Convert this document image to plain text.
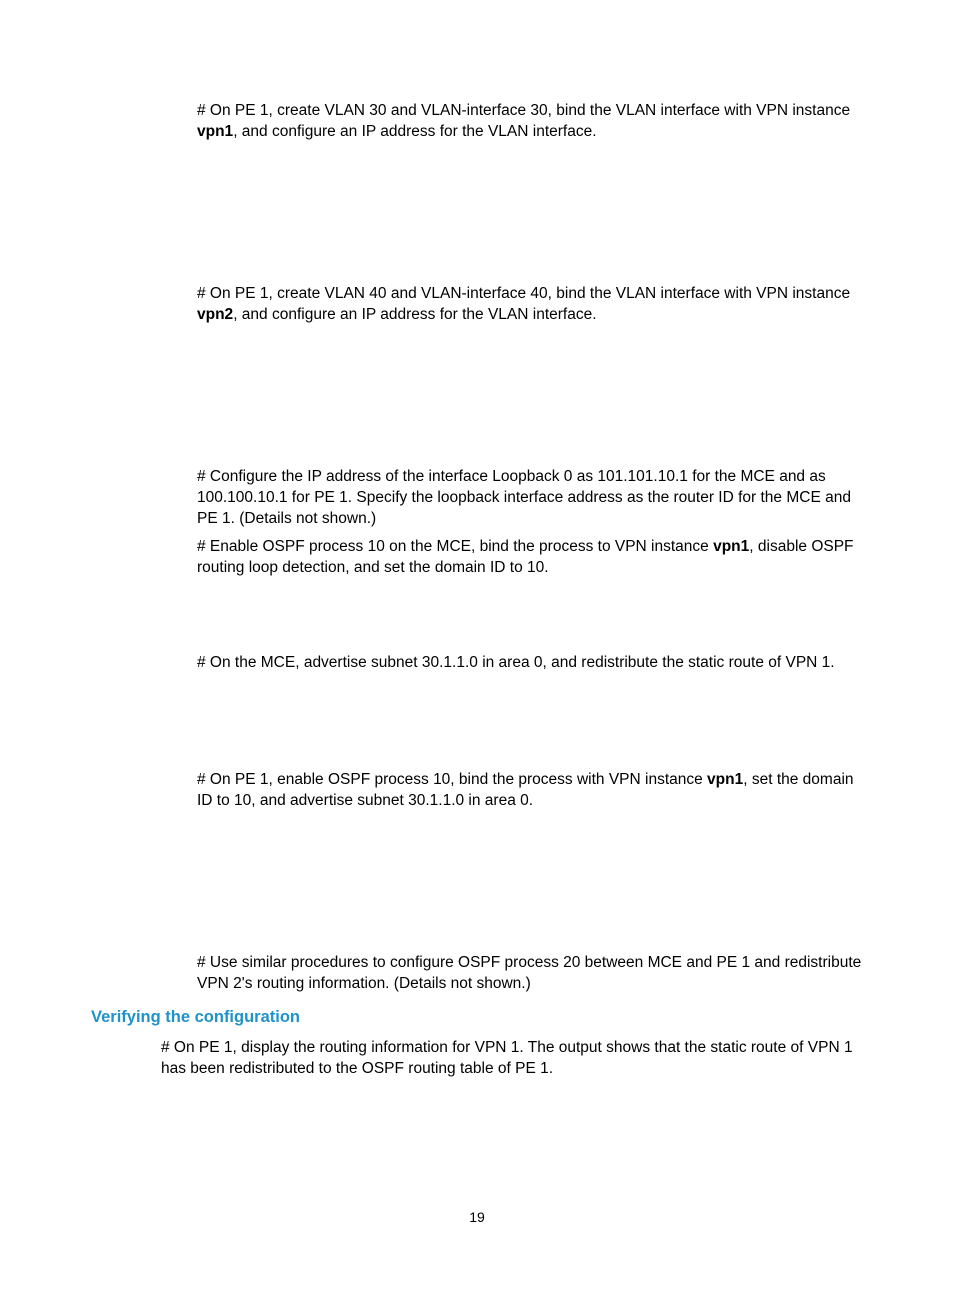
# On PE 1, create VLAN 30 and VLAN-interface 30, bind the VLAN interface with VPN instance vpn1, and configure an IP address for the VLAN interface.

# On PE 1, create VLAN 40 and VLAN-interface 40, bind the VLAN interface with VPN instance vpn2, and configure an IP address for the VLAN interface.

# Configure the IP address of the interface Loopback 0 as 101.101.10.1 for the MCE and as 100.100.10.1 for PE 1. Specify the loopback interface address as the router ID for the MCE and PE 1. (Details not shown.)

# Enable OSPF process 10 on the MCE, bind the process to VPN instance vpn1, disable OSPF routing loop detection, and set the domain ID to 10.

# On the MCE, advertise subnet 30.1.1.0 in area 0, and redistribute the static route of VPN 1.

# On PE 1, enable OSPF process 10, bind the process with VPN instance vpn1, set the domain ID to 10, and advertise subnet 30.1.1.0 in area 0.

# Use similar procedures to configure OSPF process 20 between MCE and PE 1 and redistribute VPN 2's routing information. (Details not shown.)

Verifying the configuration

# On PE 1, display the routing information for VPN 1. The output shows that the static route of VPN 1 has been redistributed to the OSPF routing table of PE 1.

19
